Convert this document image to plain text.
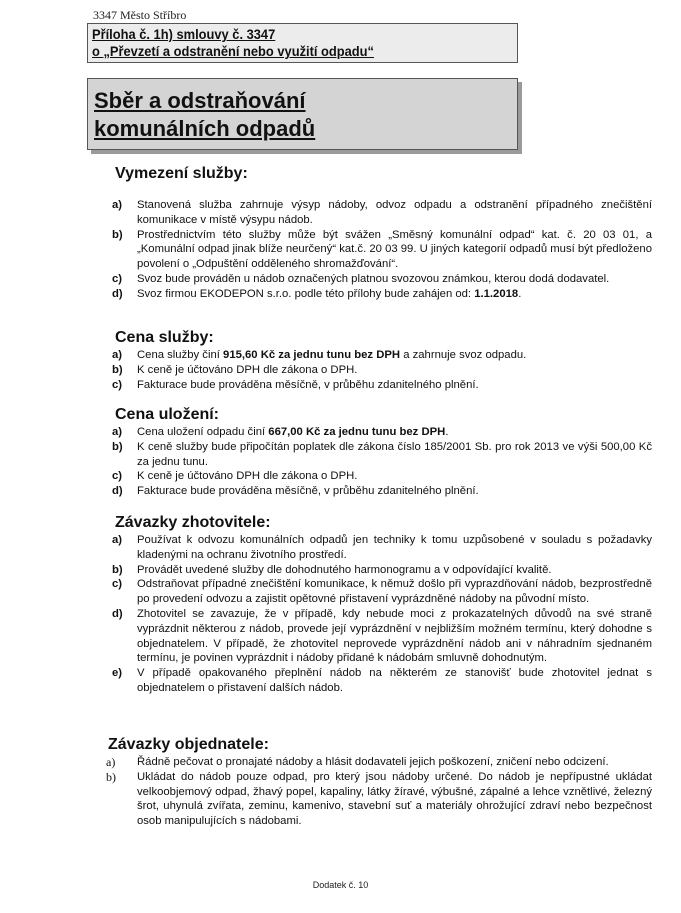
3347 Město Stříbro
Příloha č. 1h) smlouvy č. 3347
o „Převzetí a odstranění nebo využití odpadu“
Sběr a odstraňování
komunálních odpadů
Vymezení služby:
a) Stanovená služba zahrnuje výsyp nádoby, odvoz odpadu a odstranění případného znečištění komunikace v místě výsypu nádob.
b) Prostřednictvím této služby může být svážen „Směsný komunální odpad“ kat. č. 20 03 01, a „Komunální odpad jinak blíže neurčený“ kat.č. 20 03 99. U jiných kategorií odpadů musí být předloženo povolení o „Odpuštění odděleného shromažďování“.
c) Svoz bude prováděn u nádob označených platnou svozovou známkou, kterou dodá dodavatel.
d) Svoz firmou EKODEPON s.r.o. podle této přílohy bude zahájen od: 1.1.2018.
Cena služby:
a) Cena služby činí 915,60 Kč za jednu tunu bez DPH a zahrnuje svoz odpadu.
b) K ceně je účtováno DPH dle zákona o DPH.
c) Fakturace bude prováděna měsíčně, v průběhu zdanitelného plnění.
Cena uložení:
a) Cena uložení odpadu činí 667,00 Kč za jednu tunu bez DPH.
b) K ceně služby bude připočítán poplatek dle zákona číslo 185/2001 Sb. pro rok 2013 ve výši 500,00 Kč za jednu tunu.
c) K ceně je účtováno DPH dle zákona o DPH.
d) Fakturace bude prováděna měsíčně, v průběhu zdanitelného plnění.
Závazky zhotovitele:
a) Používat k odvozu komunálních odpadů jen techniky k tomu uzpůsobené v souladu s požadavky kladenými na ochranu životního prostředí.
b) Provádět uvedené služby dle dohodnutého harmonogramu a v odpovídající kvalitě.
c) Odstraňovat případné znečištění komunikace, k němuž došlo při vyprazdňování nádob, bezprostředně po provedení odvozu a zajistit opětovné přistavení vyprázdněné nádoby na původní místo.
d) Zhotovitel se zavazuje, že v případě, kdy nebude moci z prokazatelných důvodů na své straně vyprázdnit některou z nádob, provede její vyprázdnění v nejbližším možném termínu, který dohodne s objednatelem. V případě, že zhotovitel neprovede vyprázdnění nádob ani v náhradním sjednaném termínu, je povinen vyprázdnit i nádoby přidané k nádobám smluvně dohodnutým.
e) V případě opakovaného přeplnění nádob na některém ze stanovišť bude zhotovitel jednat s objednatelem o přistavení dalších nádob.
Závazky objednatele:
a) Řádně pečovat o pronajaté nádoby a hlásit dodavateli jejich poškození, zničení nebo odcizení.
b) Ukládat do nádob pouze odpad, pro který jsou nádoby určené. Do nádob je nepřípustné ukládat velkoobjemový odpad, žhavý popel, kapaliny, látky žíravé, výbušné, zápalné a lehce vznětlivé, železný šrot, uhynulá zvířata, zeminu, kamenivo, stavební suť a materiály ohrožující zdraví nebo bezpečnost osob manipulujících s nádobami.
Dodatek č. 10
